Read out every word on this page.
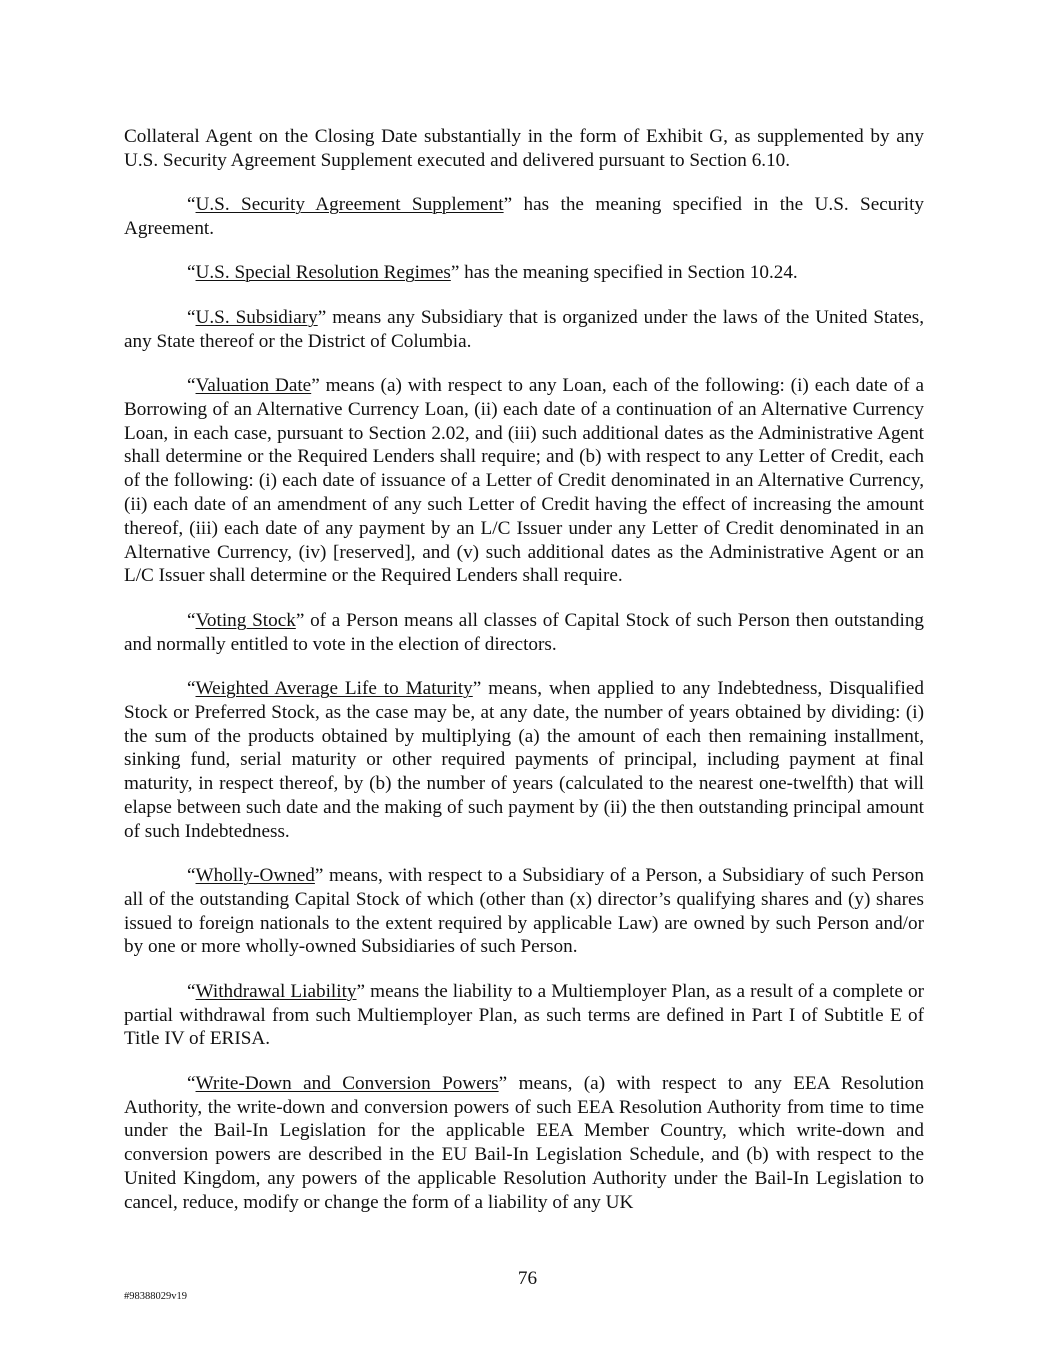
Collateral Agent on the Closing Date substantially in the form of Exhibit G, as supplemented by any U.S. Security Agreement Supplement executed and delivered pursuant to Section 6.10.

“U.S. Security Agreement Supplement” has the meaning specified in the U.S. Security Agreement.

“U.S. Special Resolution Regimes” has the meaning specified in Section 10.24.

“U.S. Subsidiary” means any Subsidiary that is organized under the laws of the United States, any State thereof or the District of Columbia.

“Valuation Date” means (a) with respect to any Loan, each of the following: (i) each date of a Borrowing of an Alternative Currency Loan, (ii) each date of a continuation of an Alternative Currency Loan, in each case, pursuant to Section 2.02, and (iii) such additional dates as the Administrative Agent shall determine or the Required Lenders shall require; and (b) with respect to any Letter of Credit, each of the following: (i) each date of issuance of a Letter of Credit denominated in an Alternative Currency, (ii) each date of an amendment of any such Letter of Credit having the effect of increasing the amount thereof, (iii) each date of any payment by an L/C Issuer under any Letter of Credit denominated in an Alternative Currency, (iv) [reserved], and (v) such additional dates as the Administrative Agent or an L/C Issuer shall determine or the Required Lenders shall require.

“Voting Stock” of a Person means all classes of Capital Stock of such Person then outstanding and normally entitled to vote in the election of directors.

“Weighted Average Life to Maturity” means, when applied to any Indebtedness, Disqualified Stock or Preferred Stock, as the case may be, at any date, the number of years obtained by dividing: (i) the sum of the products obtained by multiplying (a) the amount of each then remaining installment, sinking fund, serial maturity or other required payments of principal, including payment at final maturity, in respect thereof, by (b) the number of years (calculated to the nearest one-twelfth) that will elapse between such date and the making of such payment by (ii) the then outstanding principal amount of such Indebtedness.

“Wholly-Owned” means, with respect to a Subsidiary of a Person, a Subsidiary of such Person all of the outstanding Capital Stock of which (other than (x) director’s qualifying shares and (y) shares issued to foreign nationals to the extent required by applicable Law) are owned by such Person and/or by one or more wholly-owned Subsidiaries of such Person.

“Withdrawal Liability” means the liability to a Multiemployer Plan, as a result of a complete or partial withdrawal from such Multiemployer Plan, as such terms are defined in Part I of Subtitle E of Title IV of ERISA.

“Write-Down and Conversion Powers” means, (a) with respect to any EEA Resolution Authority, the write-down and conversion powers of such EEA Resolution Authority from time to time under the Bail-In Legislation for the applicable EEA Member Country, which write-down and conversion powers are described in the EU Bail-In Legislation Schedule, and (b) with respect to the United Kingdom, any powers of the applicable Resolution Authority under the Bail-In Legislation to cancel, reduce, modify or change the form of a liability of any UK

76
#98388029v19
